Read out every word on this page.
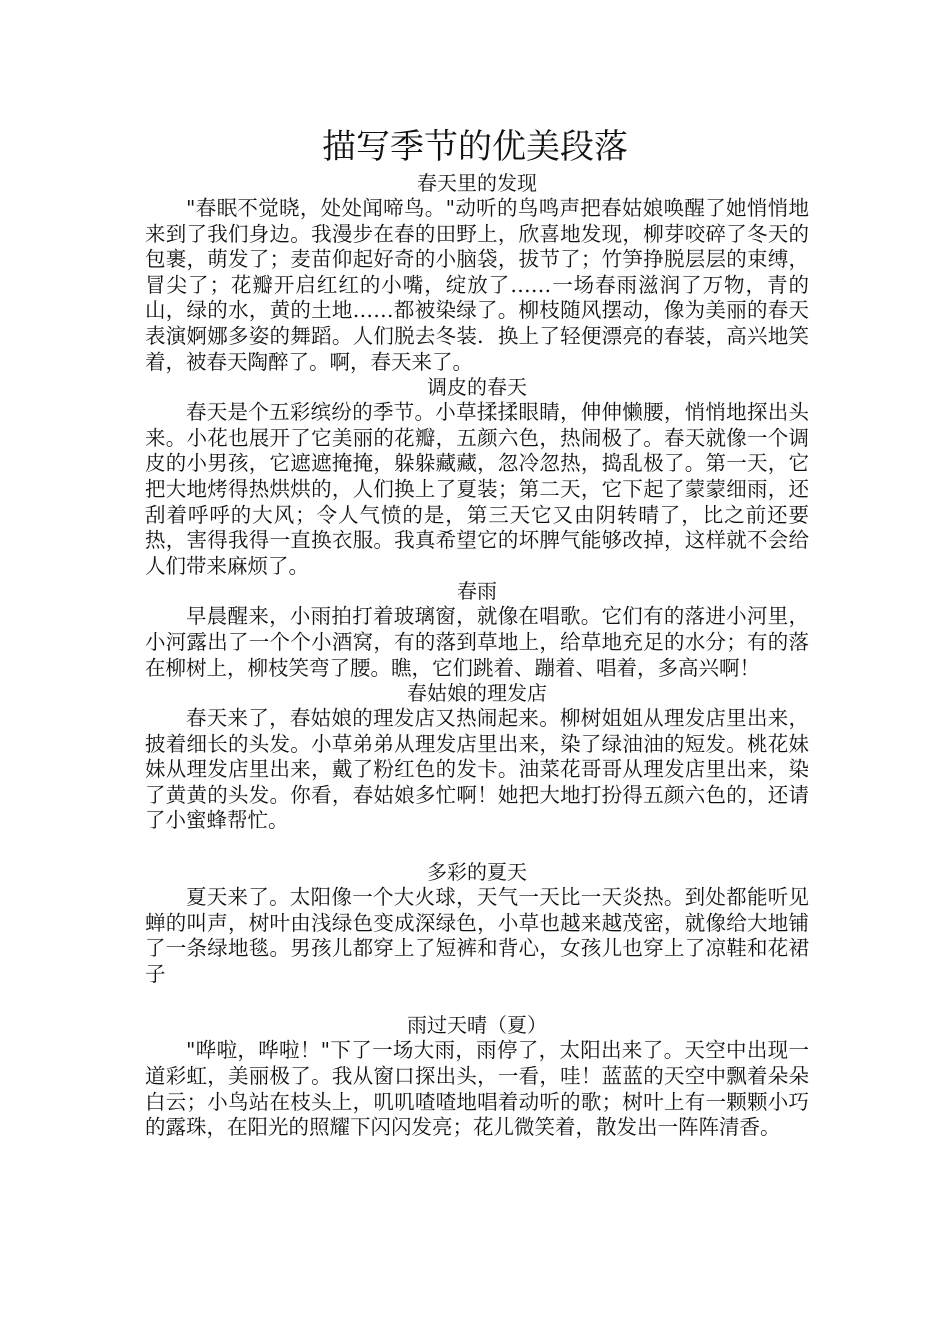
描写季节的优美段落
春天里的发现

"春眠不觉晓，处处闻啼鸟。"动听的鸟鸣声把春姑娘唤醒了她悄悄地来到了我们身边。我漫步在春的田野上，欣喜地发现，柳芽咬碎了冬天的包裹，萌发了；麦苗仰起好奇的小脑袋，拔节了；竹笋挣脱层层的束缚，冒尖了；花瓣开启红红的小嘴，绽放了……一场春雨滋润了万物，青的山，绿的水，黄的土地……都被染绿了。柳枝随风摆动，像为美丽的春天表演婀娜多姿的舞蹈。人们脱去冬装．换上了轻便漂亮的春装，高兴地笑着，被春天陶醉了。啊，春天来了。

调皮的春天

春天是个五彩缤纷的季节。小草揉揉眼睛，伸伸懒腰，悄悄地探出头来。小花也展开了它美丽的花瓣，五颜六色，热闹极了。春天就像一个调皮的小男孩，它遮遮掩掩，躲躲藏藏，忽冷忽热，捣乱极了。第一天，它把大地烤得热烘烘的，人们换上了夏装；第二天，它下起了蒙蒙细雨，还刮着呼呼的大风；令人气愤的是，第三天它又由阴转晴了，比之前还要热，害得我得一直换衣服。我真希望它的坏脾气能够改掉，这样就不会给人们带来麻烦了。

春雨

早晨醒来，小雨拍打着玻璃窗，就像在唱歌。它们有的落进小河里，小河露出了一个个小酒窝，有的落到草地上，给草地充足的水分；有的落在柳树上，柳枝笑弯了腰。瞧，它们跳着、蹦着、唱着，多高兴啊！

春姑娘的理发店

春天来了，春姑娘的理发店又热闹起来。柳树姐姐从理发店里出来，披着细长的头发。小草弟弟从理发店里出来，染了绿油油的短发。桃花妹妹从理发店里出来，戴了粉红色的发卡。油菜花哥哥从理发店里出来，染了黄黄的头发。你看，春姑娘多忙啊！她把大地打扮得五颜六色的，还请了小蜜蜂帮忙。

多彩的夏天

夏天来了。太阳像一个大火球，天气一天比一天炎热。到处都能听见蝉的叫声，树叶由浅绿色变成深绿色，小草也越来越茂密，就像给大地铺了一条绿地毯。男孩儿都穿上了短裤和背心，女孩儿也穿上了凉鞋和花裙子

雨过天晴（夏）

"哗啦，哗啦！"下了一场大雨，雨停了，太阳出来了。天空中出现一道彩虹，美丽极了。我从窗口探出头，一看，哇！蓝蓝的天空中飘着朵朵白云；小鸟站在枝头上，叽叽喳喳地唱着动听的歌；树叶上有一颗颗小巧的露珠，在阳光的照耀下闪闪发亮；花儿微笑着，散发出一阵阵清香。
